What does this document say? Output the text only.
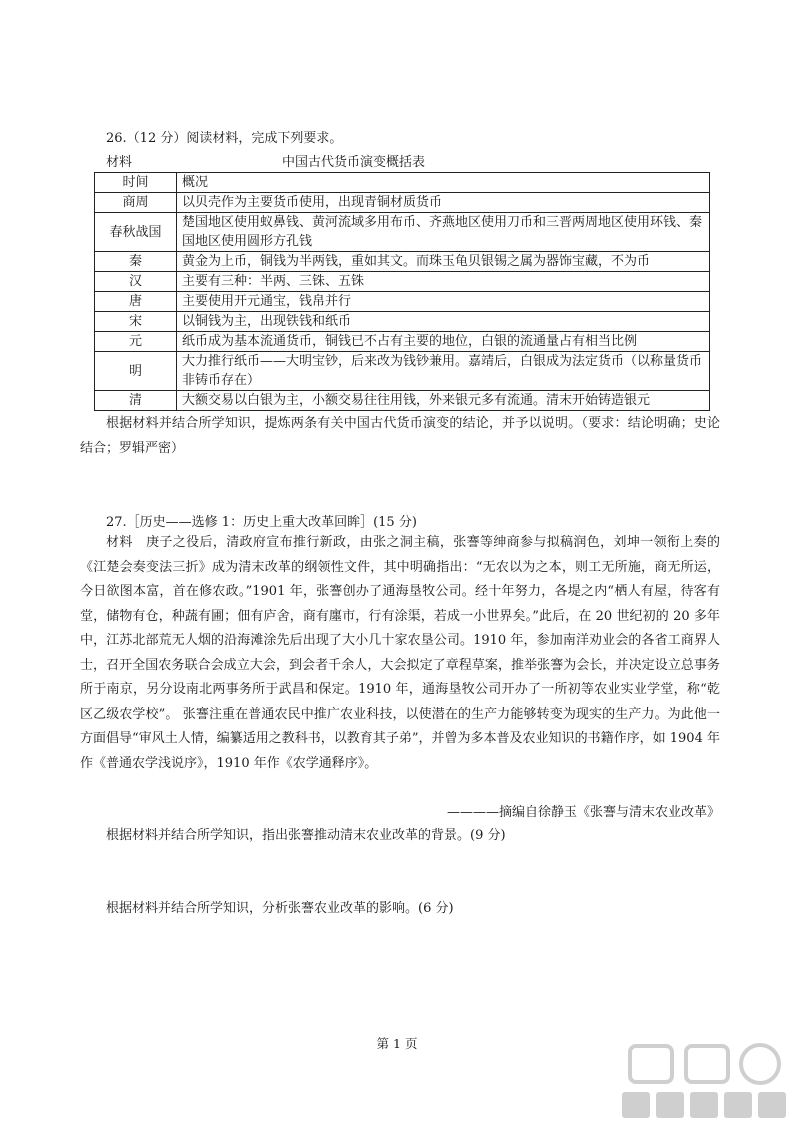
26.（12 分）阅读材料，完成下列要求。
材料	中国古代货币演变概括表
时间	概况
商周	以贝壳作为主要货币使用，出现青铜材质货币
春秋战国	楚国地区使用蚁鼻钱、黄河流域多用布币、齐燕地区使用刀币和三晋两周地区使用环钱、秦国地区使用圆形方孔钱
秦	黄金为上币，铜钱为半两钱，重如其文。而珠玉龟贝银锡之属为器饰宝藏，不为币
汉	主要有三种：半两、三铢、五铢
唐	主要使用开元通宝，钱帛并行
宋	以铜钱为主，出现铁钱和纸币
元	纸币成为基本流通货币，铜钱已不占有主要的地位，白银的流通量占有相当比例
明	大力推行纸币——大明宝钞，后来改为钱钞兼用。嘉靖后，白银成为法定货币（以称量货币非铸币存在）
清	大额交易以白银为主，小额交易往往用钱，外来银元多有流通。清末开始铸造银元
根据材料并结合所学知识，提炼两条有关中国古代货币演变的结论，并予以说明。（要求：结论明确；史论结合；罗辑严密）
27.［历史——选修 1：历史上重大改革回眸］(15 分)
材料　庚子之役后，清政府宣布推行新政，由张之洞主稿，张謇等绅商参与拟稿润色，刘坤一领衔上奏的《江楚会奏变法三折》成为清末改革的纲领性文件，其中明确指出：“无农以为之本，则工无所施，商无所运，今日欲图本富，首在修农政。”1901 年，张謇创办了通海垦牧公司。经十年努力，各堤之内“栖人有屋，待客有堂，储物有仓，种蔬有圃；佃有庐舍，商有廛市，行有涂渠，若成一小世界矣。”此后，在 20 世纪初的 20 多年中，江苏北部荒无人烟的沿海滩涂先后出现了大小几十家农垦公司。1910 年，参加南洋劝业会的各省工商界人士，召开全国农务联合会成立大会，到会者千余人，大会拟定了章程草案，推举张謇为会长，并决定设立总事务所于南京，另分设南北两事务所于武昌和保定。1910 年，通海垦牧公司开办了一所初等农业实业学堂，称“乾区乙级农学校”。 张謇注重在普通农民中推广农业科技，以使潜在的生产力能够转变为现实的生产力。为此他一方面倡导“审风土人情，编纂适用之教科书，以教育其子弟”，并曾为多本普及农业知识的书籍作序，如 1904 年作《普通农学浅说序》，1910 年作《农学通释序》。
————摘编自徐静玉《张謇与清末农业改革》
根据材料并结合所学知识，指出张謇推动清末农业改革的背景。(9 分)
根据材料并结合所学知识，分析张謇农业改革的影响。(6 分)
第 1 页
